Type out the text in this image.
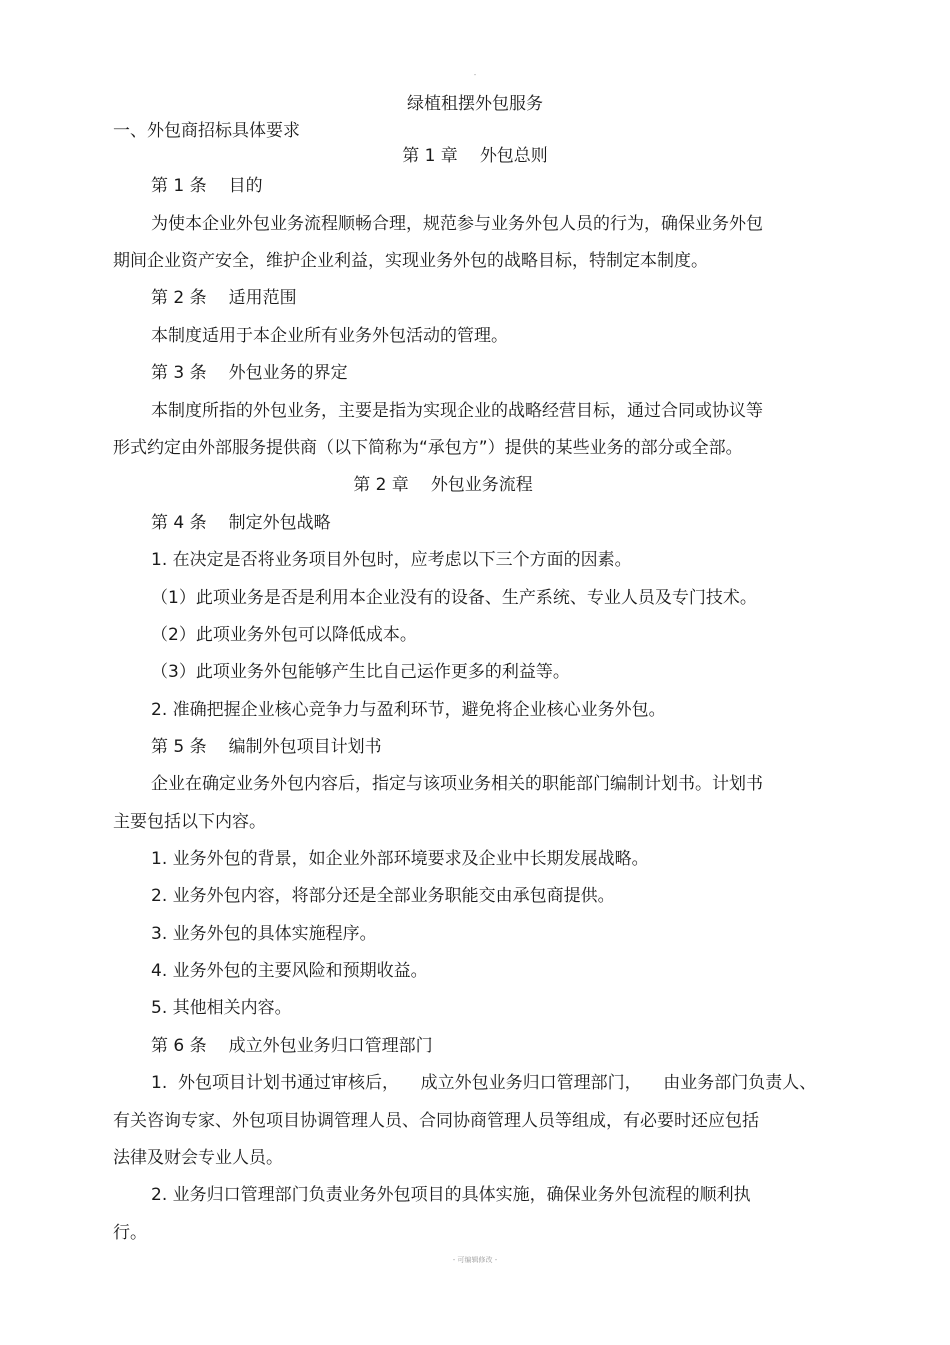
-
绿植租摆外包服务
一、外包商招标具体要求
第 1 章 外包总则
第 1 条 目的
为使本企业外包业务流程顺畅合理，规范参与业务外包人员的行为，确保业务外包
期间企业资产安全，维护企业利益，实现业务外包的战略目标，特制定本制度。
第 2 条 适用范围
本制度适用于本企业所有业务外包活动的管理。
第 3 条 外包业务的界定
本制度所指的外包业务，主要是指为实现企业的战略经营目标，通过合同或协议等
形式约定由外部服务提供商（以下简称为“承包方”）提供的某些业务的部分或全部。
第 2 章 外包业务流程
第 4 条 制定外包战略
1. 在决定是否将业务项目外包时，应考虑以下三个方面的因素。
（1）此项业务是否是利用本企业没有的设备、生产系统、专业人员及专门技术。
（2）此项业务外包可以降低成本。
（3）此项业务外包能够产生比自己运作更多的利益等。
2. 准确把握企业核心竞争力与盈利环节，避免将企业核心业务外包。
第 5 条 编制外包项目计划书
企业在确定业务外包内容后，指定与该项业务相关的职能部门编制计划书。计划书
主要包括以下内容。
1. 业务外包的背景，如企业外部环境要求及企业中长期发展战略。
2. 业务外包内容，将部分还是全部业务职能交由承包商提供。
3. 业务外包的具体实施程序。
4. 业务外包的主要风险和预期收益。
5. 其他相关内容。
第 6 条 成立外包业务归口管理部门
1.  外包项目计划书通过审核后，    成立外包业务归口管理部门，    由业务部门负责人、
有关咨询专家、外包项目协调管理人员、合同协商管理人员等组成，有必要时还应包括
法律及财会专业人员。
2. 业务归口管理部门负责业务外包项目的具体实施，确保业务外包流程的顺利执
行。
- 可编辑修改 -
